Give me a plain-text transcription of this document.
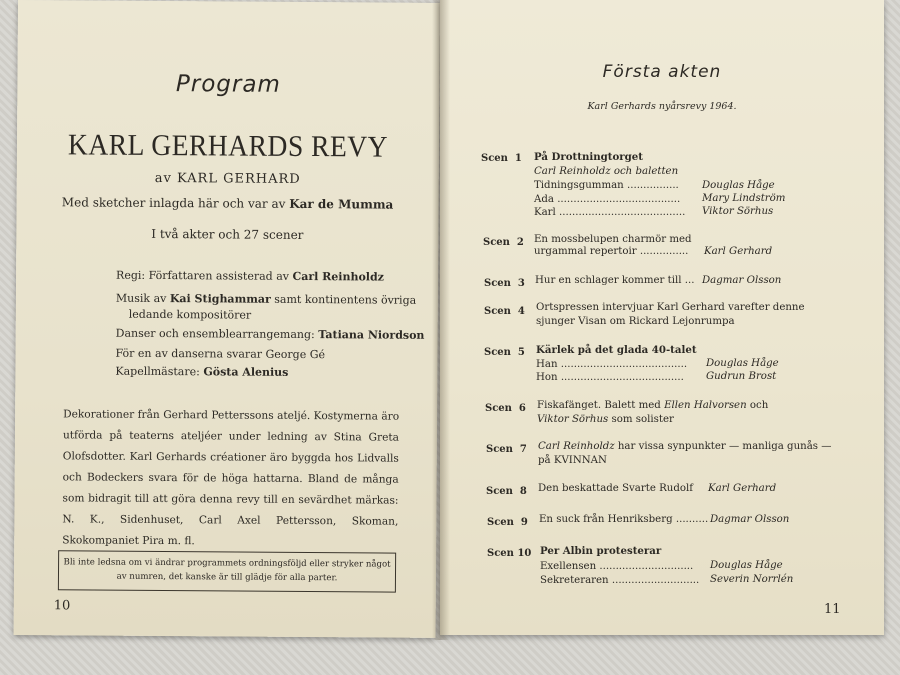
Program
KARL GERHARDS REVY
av KARL GERHARD
Med sketcher inlagda här och var av Kar de Mumma
I två akter och 27 scener
Regi: Författaren assisterad av Carl Reinholdz
Musik av Kai Stighammar samt kontinentens övriga
ledande kompositörer
Danser och ensemblearrangemang: Tatiana Niordson
För en av danserna svarar George Gé
Kapellmästare: Gösta Alenius
Dekorationer från Gerhard Petterssons ateljé. Kostymerna äro utförda på teaterns ateljéer under ledning av Stina Greta Olofsdotter. Karl Gerhards créationer äro byggda hos Lidvalls och Bodeckers svara för de höga hattarna. Bland de många som bidragit till att göra denna revy till en sevärdhet märkas: N. K., Sidenhuset, Carl Axel Pettersson, Skoman, Skokompaniet Pira m. fl.
Bli inte ledsna om vi ändrar programmets ordningsföljd eller stryker något
av numren, det kanske är till glädje för alla parter.
10
Första akten
Karl Gerhards nyårsrevy 1964.
Scen 1 På Drottningtorget
Carl Reinholdz och baletten
Tidningsgumman ................
Ada ......................................
Karl .......................................
Douglas Håge
Mary Lindström
Viktor Sörhus
Scen 2 En mossbelupen charmör med
urgammal repertoir ............... Karl Gerhard
Scen 3 Hur en schlager kommer till ... Dagmar Olsson
Scen 4 Ortspressen intervjuar Karl Gerhard varefter denne
sjunger Visan om Rickard Lejonrumpa
Scen 5 Kärlek på det glada 40-talet
Han .......................................
Hon ......................................
Douglas Håge
Gudrun Brost
Scen 6 Fiskafänget. Balett med Ellen Halvorsen och
Viktor Sörhus som solister
Scen 7 Carl Reinholdz har vissa synpunkter — manliga gunås —
på KVINNAN
Scen 8 Den beskattade Svarte Rudolf Karl Gerhard
Scen 9 En suck från Henriksberg .......... Dagmar Olsson
Scen 10 Per Albin protesterar
Exellensen .............................
Sekreteraren ...........................
Douglas Håge
Severin Norrlén
11
